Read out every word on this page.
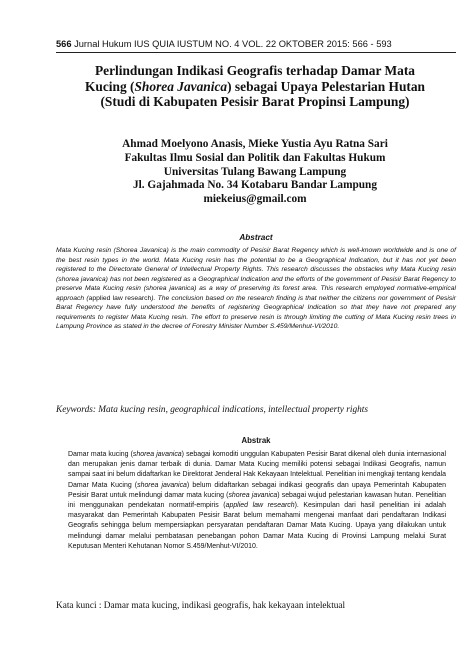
566 Jurnal Hukum IUS QUIA IUSTUM NO. 4 VOL. 22 OKTOBER 2015: 566 - 593
Perlindungan Indikasi Geografis terhadap Damar Mata Kucing (Shorea Javanica) sebagai Upaya Pelestarian Hutan (Studi di Kabupaten Pesisir Barat Propinsi Lampung)
Ahmad Moelyono Anasis, Mieke Yustia Ayu Ratna Sari
Fakultas Ilmu Sosial dan Politik dan Fakultas Hukum
Universitas Tulang Bawang Lampung
Jl. Gajahmada No. 34 Kotabaru Bandar Lampung
miekeius@gmail.com
Abstract

Mata Kucing resin (Shorea Javanica) is the main commodity of Pesisir Barat Regency which is well-known worldwide and is one of the best resin types in the world. Mata Kucing resin has the potential to be a Geographical Indication, but it has not yet been registered to the Directorate General of Intellectual Property Rights. This research discusses the obstacles why Mata Kucing resin (shorea javanica) has not been registered as a Geographical Indication and the efforts of the government of Pesisir Barat Regency to preserve Mata Kucing resin (shorea javanica) as a way of preserving its forest area. This research employed normative-empirical approach (applied law research). The conclusion based on the research finding is that neither the citizens nor government of Pesisir Barat Regency have fully understood the benefits of registering Geographical Indication so that they have not prepared any requirements to register Mata Kucing resin. The effort to preserve resin is through limiting the cutting of Mata Kucing resin trees in Lampung Province as stated in the decree of Forestry Minister Number S.459/Menhut-VI/2010.

Keywords: Mata kucing resin, geographical indications, intellectual property rights

Abstrak

Damar mata kucing (shorea javanica) sebagai komoditi unggulan Kabupaten Pesisir Barat dikenal oleh dunia internasional dan merupakan jenis damar terbaik di dunia. Damar Mata Kucing memiliki potensi sebagai Indikasi Geografis, namun sampai saat ini belum didaftarkan ke Direktorat Jenderal Hak Kekayaan Intelektual. Penelitian ini mengkaji tentang kendala Damar Mata Kucing (shorea javanica) belum didaftarkan sebagai indikasi geografis dan upaya Pemerintah Kabupaten Pesisir Barat untuk melindungi damar mata kucing (shorea javanica) sebagai wujud pelestarian kawasan hutan. Penelitian ini menggunakan pendekatan normatif-empiris (applied law research). Kesimpulan dari hasil penelitian ini adalah masyarakat dan Pemerintah Kabupaten Pesisir Barat belum memahami mengenai manfaat dari pendaftaran Indikasi Geografis sehingga belum mempersiapkan persyaratan pendaftaran Damar Mata Kucing. Upaya yang dilakukan untuk melindungi damar melalui pembatasan penebangan pohon Damar Mata Kucing di Provinsi Lampung melalui Surat Keputusan Menteri Kehutanan Nomor S.459/Menhut-VI/2010.

Kata kunci : Damar mata kucing, indikasi geografis, hak kekayaan intelektual
